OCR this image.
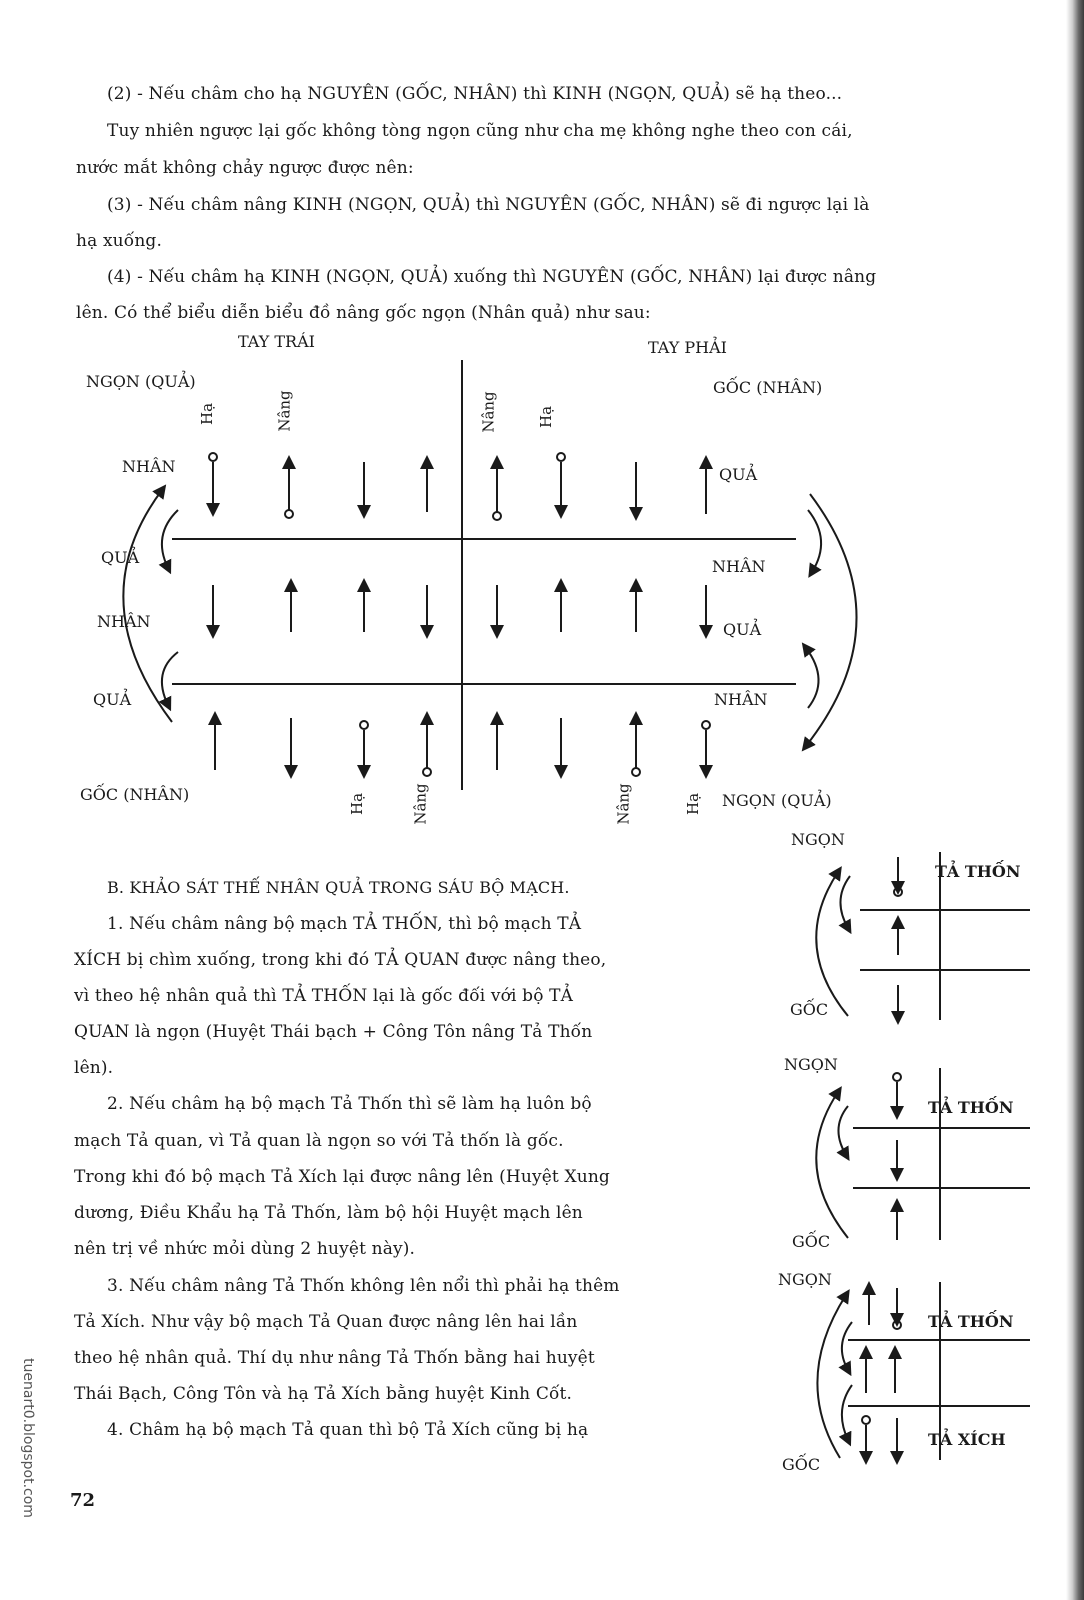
(2) - Nếu châm cho hạ NGUYÊN (GỐC, NHÂN) thì KINH (NGỌN, QUẢ) sẽ hạ theo...
Tuy nhiên ngược lại gốc không tòng ngọn cũng như cha mẹ không nghe theo con cái,
nước mắt không chảy ngược được nên:
(3) - Nếu châm nâng KINH (NGỌN, QUẢ) thì NGUYÊN (GỐC, NHÂN) sẽ đi ngược lại là
hạ xuống.
(4) - Nếu châm hạ KINH (NGỌN, QUẢ) xuống thì NGUYÊN (GỐC, NHÂN) lại được nâng
lên. Có thể biểu diễn biểu đồ nâng gốc ngọn (Nhân quả) như sau:
TAY TRÁI	TAY PHẢI
NGỌN (QUẢ)	GỐC (NHÂN)
GỐC (NHÂN)	NGỌN (QUẢ)
NHÂN
QUẢ
NHÂN
QUẢ
QUẢ
NHÂN
QUẢ
NHÂN
Hạ	Nâng	Nâng	Hạ
Hạ	Nâng	Nâng	Hạ
B. KHẢO SÁT THẾ NHÂN QUẢ TRONG SÁU BỘ MẠCH.
1. Nếu châm nâng bộ mạch TẢ THỐN, thì bộ mạch TẢ
XÍCH bị chìm xuống, trong khi đó TẢ QUAN được nâng theo,
vì theo hệ nhân quả thì TẢ THỐN lại là gốc đối với bộ TẢ
QUAN là ngọn (Huyệt Thái bạch + Công Tôn nâng Tả Thốn
lên).
2. Nếu châm hạ bộ mạch Tả Thốn thì sẽ làm hạ luôn bộ
mạch Tả quan, vì Tả quan là ngọn so với Tả thốn là gốc.
Trong khi đó bộ mạch Tả Xích lại được nâng lên (Huyệt Xung
dương, Điều Khẩu hạ Tả Thốn, làm bộ hội Huyệt mạch lên
nên trị về nhức mỏi dùng 2 huyệt này).
3. Nếu châm nâng Tả Thốn không lên nổi thì phải hạ thêm
Tả Xích. Như vậy bộ mạch Tả Quan được nâng lên hai lần
theo hệ nhân quả. Thí dụ như nâng Tả Thốn bằng hai huyệt
Thái Bạch, Công Tôn và hạ Tả Xích bằng huyệt Kinh Cốt.
4. Châm hạ bộ mạch Tả quan thì bộ Tả Xích cũng bị hạ
NGỌN
TẢ THỐN
GỐC
NGỌN
TẢ THỐN
GỐC
NGỌN
TẢ THỐN
TẢ XÍCH
GỐC
72
tuenart0.blogspot.com
